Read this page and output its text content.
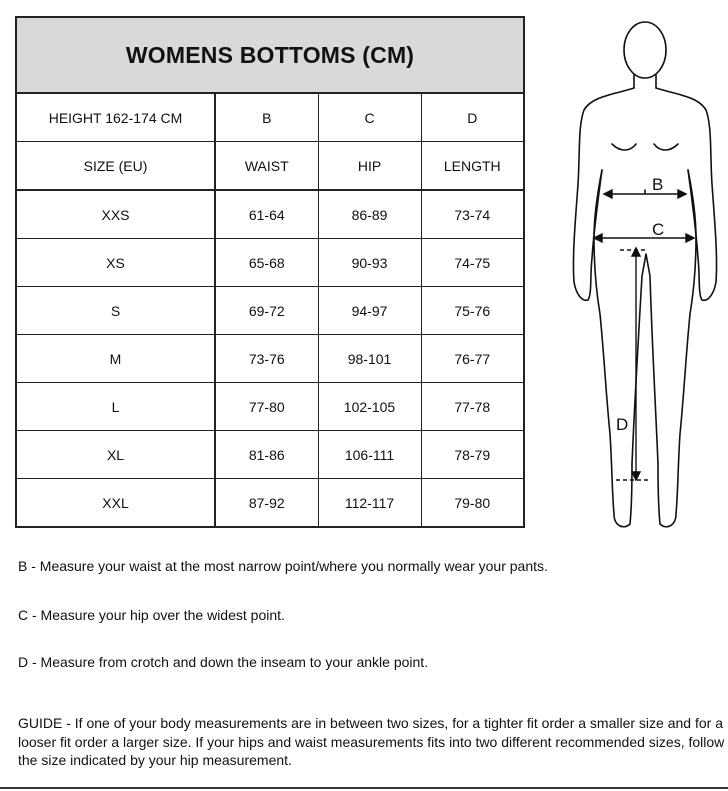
WOMENS BOTTOMS (CM)			
HEIGHT 162-174 CM	B	C	D
SIZE (EU)	WAIST	HIP	LENGTH
XXS	61-64	86-89	73-74
XS	65-68	90-93	74-75
S	69-72	94-97	75-76
M	73-76	98-101	76-77
L	77-80	102-105	77-78
XL	81-86	106-111	78-79
XXL	87-92	112-117	79-80
B
C
D

B - Measure your waist at the most narrow point/where you normally wear your pants.

C - Measure your hip over the widest point.

D - Measure from crotch and down the inseam to your ankle point.

GUIDE - If one of your body measurements are in between two sizes, for a tighter fit order a smaller size and for a looser fit order a larger size. If your hips and waist measurements fits into two different recommended sizes, follow the size indicated by your hip measurement.
